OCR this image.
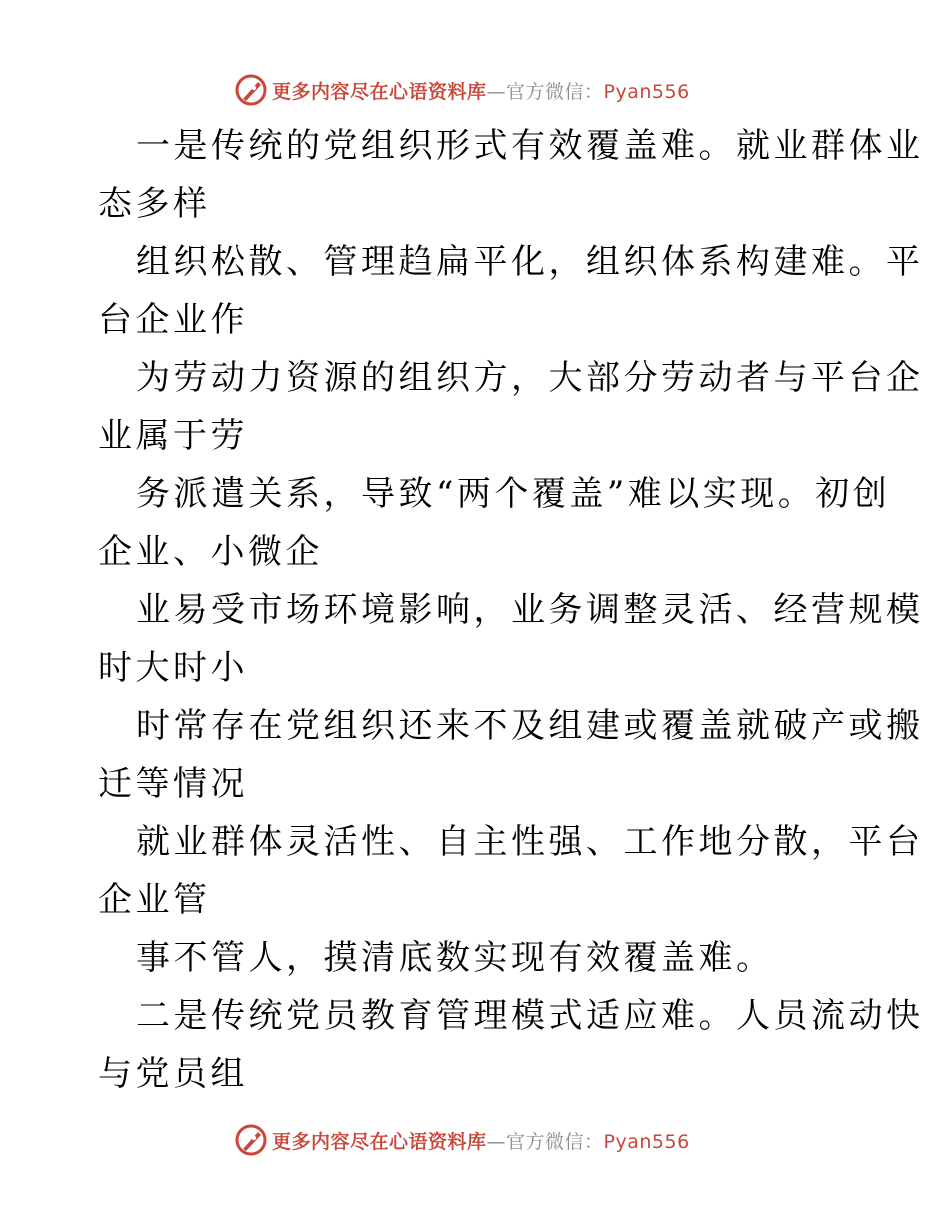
更多内容尽在心语资料库—官方微信：Pyan556
一是传统的党组织形式有效覆盖难。就业群体业
态多样
组织松散、管理趋扁平化，组织体系构建难。平
台企业作
为劳动力资源的组织方，大部分劳动者与平台企
业属于劳
务派遣关系，导致“两个覆盖”难以实现。初创
企业、小微企
业易受市场环境影响，业务调整灵活、经营规模
时大时小
时常存在党组织还来不及组建或覆盖就破产或搬
迁等情况
就业群体灵活性、自主性强、工作地分散，平台
企业管
事不管人，摸清底数实现有效覆盖难。
二是传统党员教育管理模式适应难。人员流动快
与党员组
更多内容尽在心语资料库—官方微信：Pyan556
